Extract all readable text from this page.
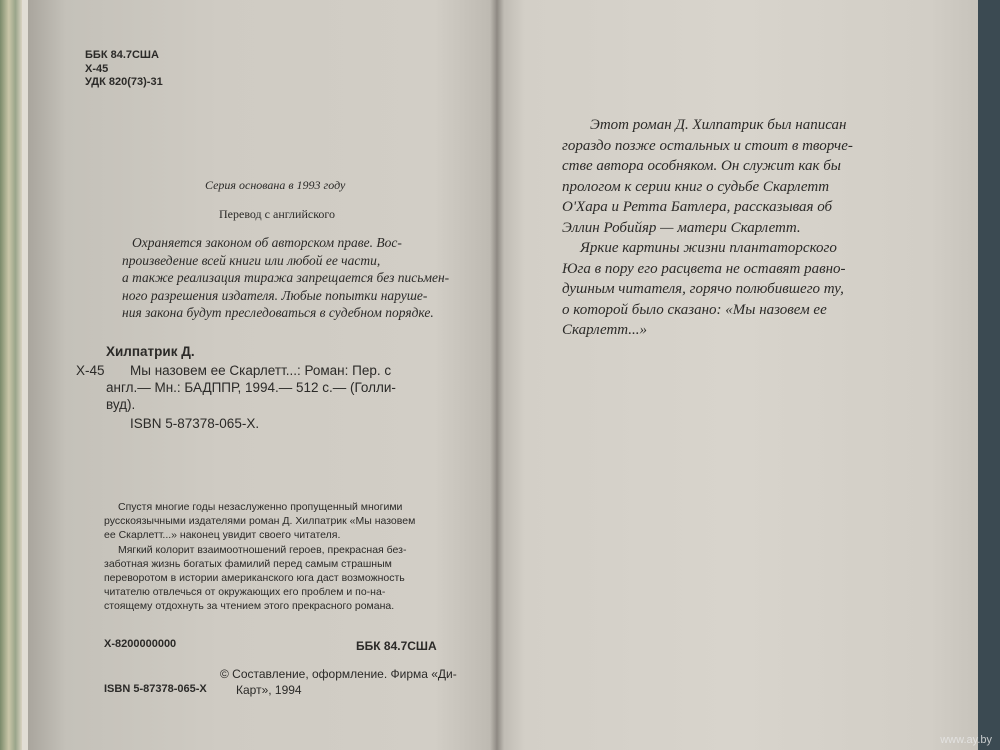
ББК 84.7США
Х-45
УДК 820(73)-31
Серия основана в 1993 году
Перевод с английского

Охраняется законом об авторском праве. Вос-

произведение всей книги или любой ее части,

а также реализация тиража запрещается без письмен-

ного разрешения издателя. Любые попытки наруше-

ния закона будут преследоваться в судебном порядке.

Хилпатрик Д.
Х-45	Мы назовем ее Скарлетт...: Роман: Пер. с
англ.— Мн.: БАДППР, 1994.— 512 с.— (Голли-
вуд).
ISBN 5-87378-065-Х.

Спустя многие годы незаслуженно пропущенный многими

русскоязычными издателями роман Д. Хилпатрик «Мы назовем

ее Скарлетт...» наконец увидит своего читателя.

Мягкий колорит взаимоотношений героев, прекрасная без-

заботная жизнь богатых фамилий перед самым страшным

переворотом в истории американского юга даст возможность

читателю отвлечься от окружающих его проблем и по-на-

стоящему отдохнуть за чтением этого прекрасного романа.

Х-8200000000	ББК 84.7США
ISBN 5-87378-065-Х
© Составление, оформление. Фирма «Ди-
Карт», 1994

Этот роман Д. Хилпатрик был написан

гораздо позже остальных и стоит в творче-

стве автора особняком. Он служит как бы

прологом к серии книг о судьбе Скарлетт

О'Хара и Ретта Батлера, рассказывая об

Эллин Робийяр — матери Скарлетт.

Яркие картины жизни плантаторского

Юга в пору его расцвета не оставят равно-

душным читателя, горячо полюбившего ту,

о которой было сказано: «Мы назовем ее

Скарлетт...»

www.ay.by
